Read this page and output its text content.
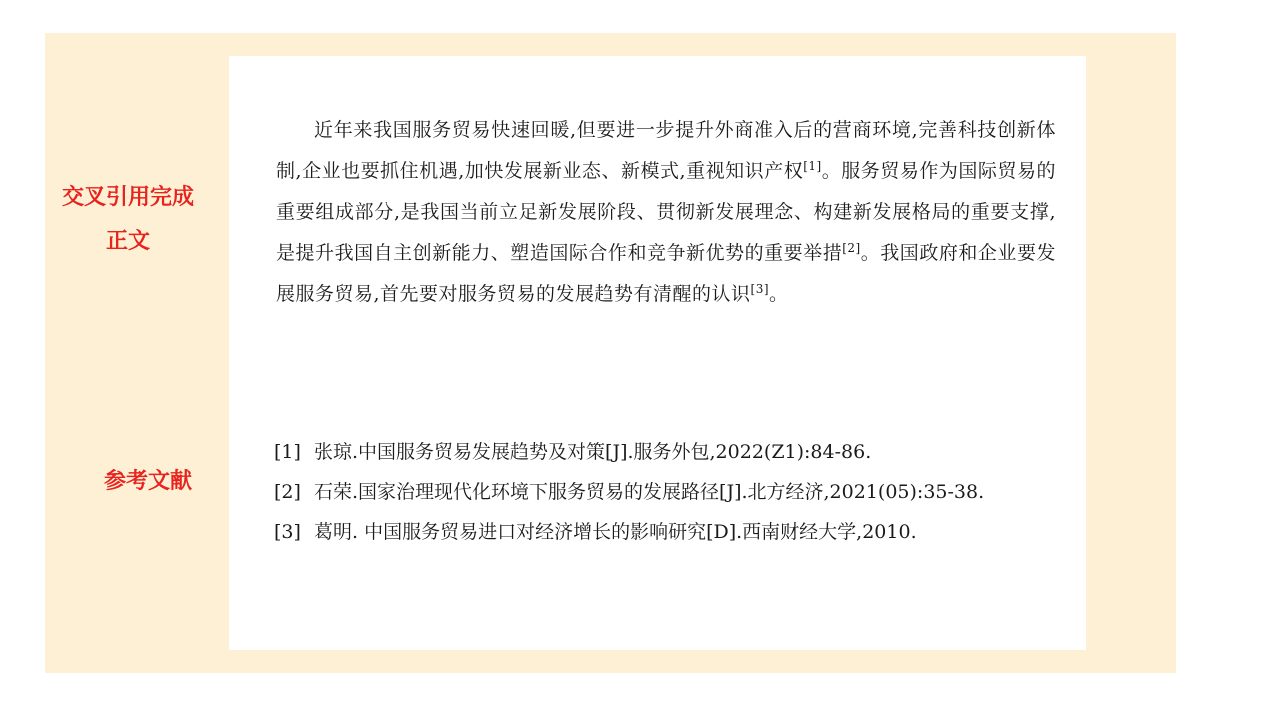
交叉引用完成
正文
参考文献

近年来我国服务贸易快速回暖,但要进一步提升外商准入后的营商环境,完善科技创新体制,企业也要抓住机遇,加快发展新业态、新模式,重视知识产权[1]。服务贸易作为国际贸易的重要组成部分,是我国当前立足新发展阶段、贯彻新发展理念、构建新发展格局的重要支撑,是提升我国自主创新能力、塑造国际合作和竞争新优势的重要举措[2]。我国政府和企业要发展服务贸易,首先要对服务贸易的发展趋势有清醒的认识[3]。

[1] 张琼.中国服务贸易发展趋势及对策[J].服务外包,2022(Z1):84-86.
[2] 石荣.国家治理现代化环境下服务贸易的发展路径[J].北方经济,2021(05):35-38.
[3] 葛明. 中国服务贸易进口对经济增长的影响研究[D].西南财经大学,2010.
